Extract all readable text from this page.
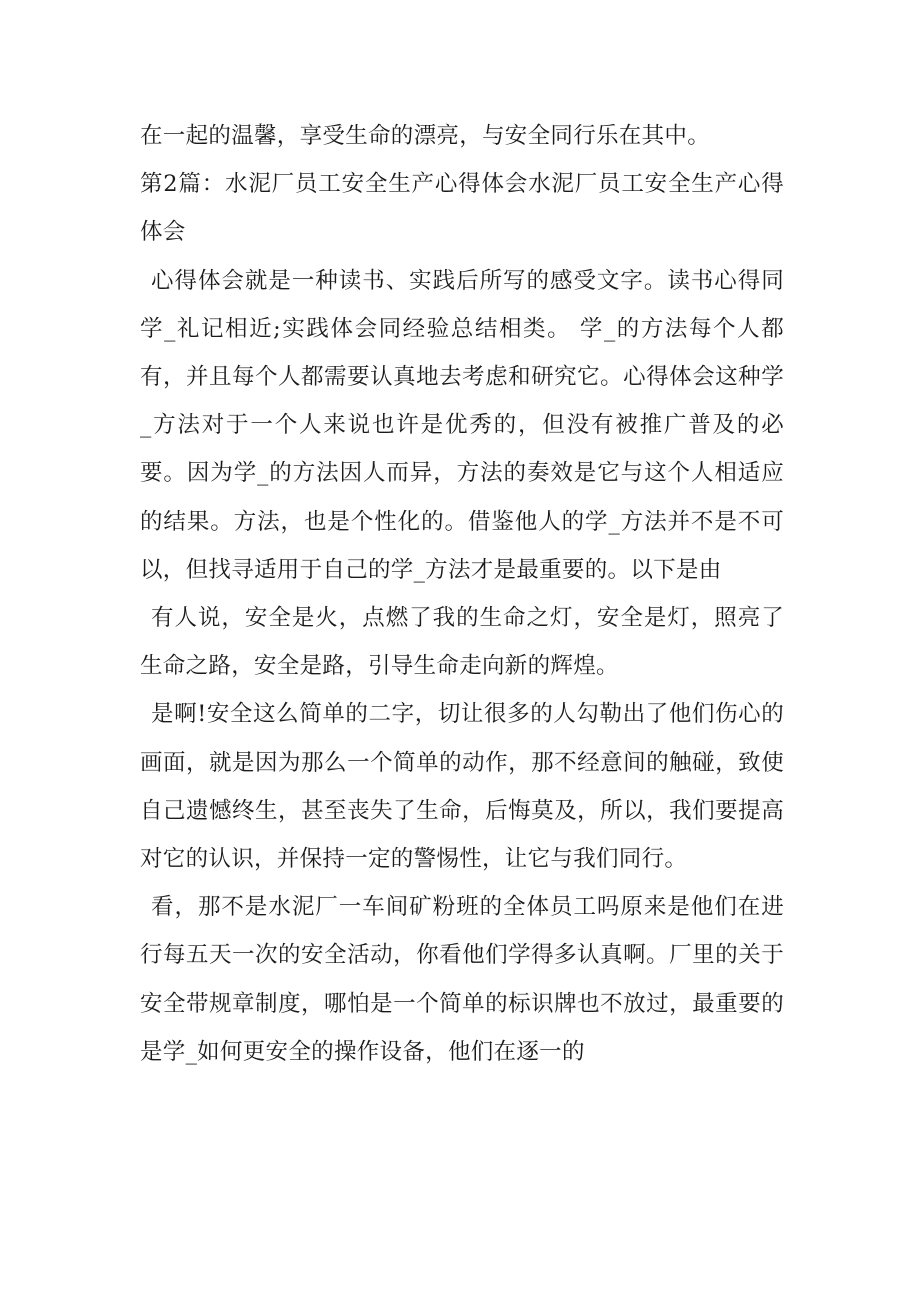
在一起的温馨，享受生命的漂亮，与安全同行乐在其中。

第2篇：水泥厂员工安全生产心得体会水泥厂员工安全生产心得体会

心得体会就是一种读书、实践后所写的感受文字。读书心得同学_礼记相近;实践体会同经验总结相类。 学_的方法每个人都有，并且每个人都需要认真地去考虑和研究它。心得体会这种学_方法对于一个人来说也许是优秀的，但没有被推广普及的必要。因为学_的方法因人而异，方法的奏效是它与这个人相适应的结果。方法，也是个性化的。借鉴他人的学_方法并不是不可以，但找寻适用于自己的学_方法才是最重要的。以下是由

有人说，安全是火，点燃了我的生命之灯，安全是灯，照亮了生命之路，安全是路，引导生命走向新的辉煌。

是啊!安全这么简单的二字，切让很多的人勾勒出了他们伤心的画面，就是因为那么一个简单的动作，那不经意间的触碰，致使自己遗憾终生，甚至丧失了生命，后悔莫及，所以，我们要提高对它的认识，并保持一定的警惕性，让它与我们同行。

看，那不是水泥厂一车间矿粉班的全体员工吗原来是他们在进行每五天一次的安全活动，你看他们学得多认真啊。厂里的关于安全带规章制度，哪怕是一个简单的标识牌也不放过，最重要的是学_如何更安全的操作设备，他们在逐一的
